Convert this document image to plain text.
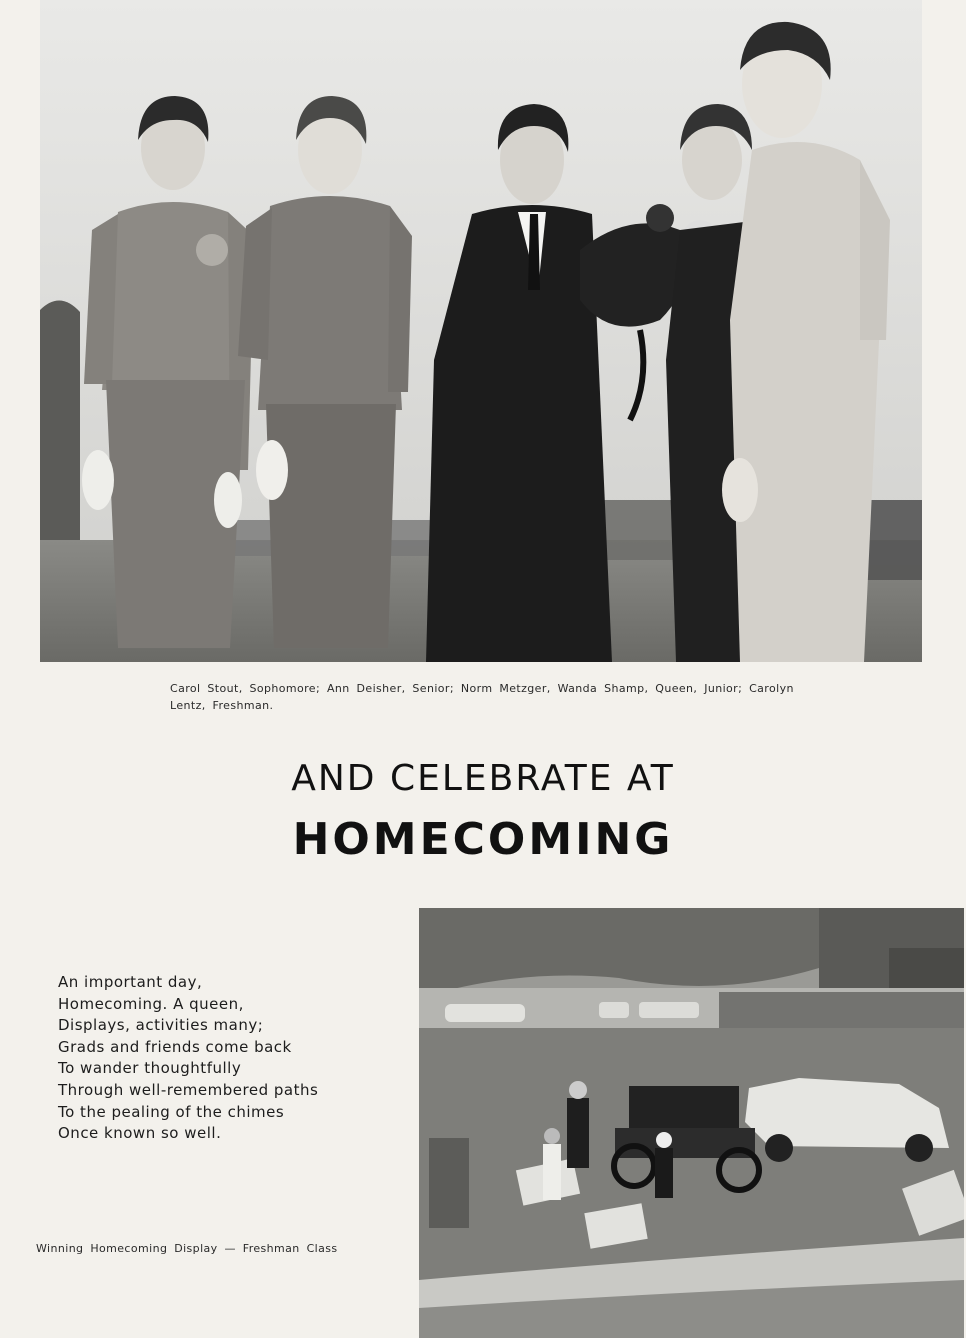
Carol Stout, Sophomore; Ann Deisher, Senior; Norm Metzger, Wanda Shamp, Queen, Junior; Carolyn Lentz, Freshman.
AND CELEBRATE AT
HOMECOMING
An important day,
Homecoming. A queen,
Displays, activities many;
Grads and friends come back
To wander thoughtfully
Through well-remembered paths
To the pealing of the chimes
Once known so well.
Winning Homecoming Display — Freshman Class
